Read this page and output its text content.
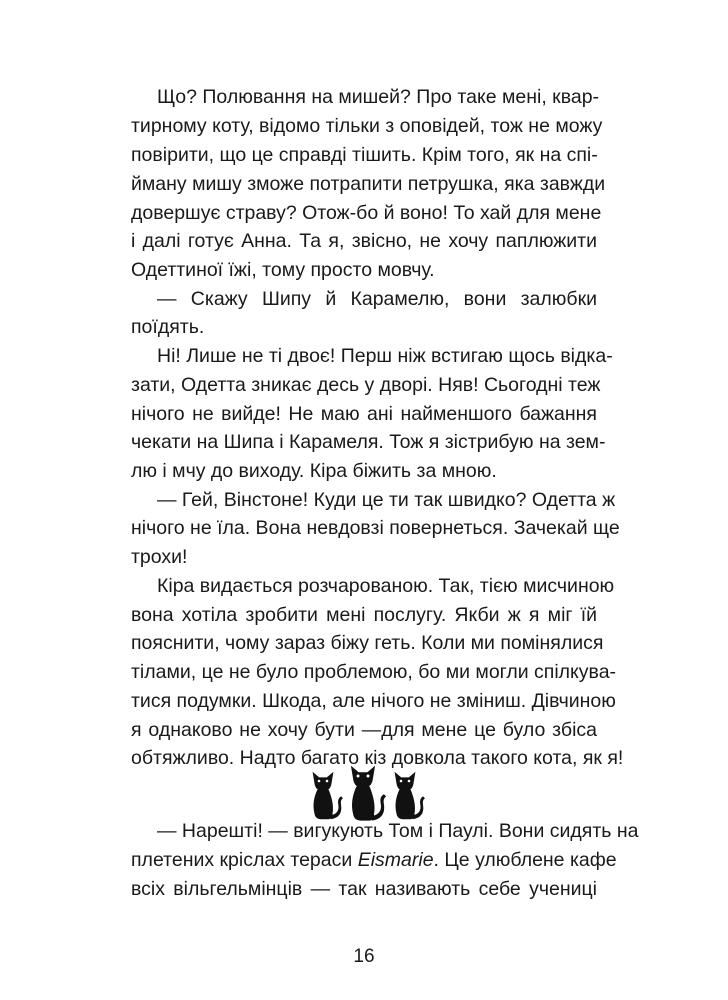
Що? Полювання на мишей? Про таке мені, квар-
тирному коту, відомо тільки з оповідей, тож не можу
повірити, що це справді тішить. Крім того, як на спі-
йману мишу зможе потрапити петрушка, яка завжди
довершує страву? Отож-бо й воно! То хай для мене
і далі готує Анна. Та я, звісно, не хочу паплюжити
Одеттиної їжі, тому просто мовчу.
— Скажу Шипу й Карамелю, вони залюбки
поїдять.
Ні! Лише не ті двоє! Перш ніж встигаю щось відка-
зати, Одетта зникає десь у дворі. Няв! Сьогодні теж
нічого не вийде! Не маю ані найменшого бажання
чекати на Шипа і Карамеля. Тож я зістрибую на зем-
лю і мчу до виходу. Кіра біжить за мною.
— Гей, Вінстоне! Куди це ти так швидко? Одетта ж
нічого не їла. Вона невдовзі повернеться. Зачекай ще
трохи!
Кіра видається розчарованою. Так, тією мисчиною
вона хотіла зробити мені послугу. Якби ж я міг їй
пояснити, чому зараз біжу геть. Коли ми помінялися
тілами, це не було проблемою, бо ми могли спілкува-
тися подумки. Шкода, але нічого не зміниш. Дівчиною
я однаково не хочу бути —для мене це було збіса
обтяжливо. Надто багато кіз довкола такого кота, як я!
— Нарешті! — вигукують Том і Паулі. Вони сидять на
плетених кріслах тераси Eismarie. Це улюблене кафе
всіх вільгельмінців — так називають себе учениці
16
